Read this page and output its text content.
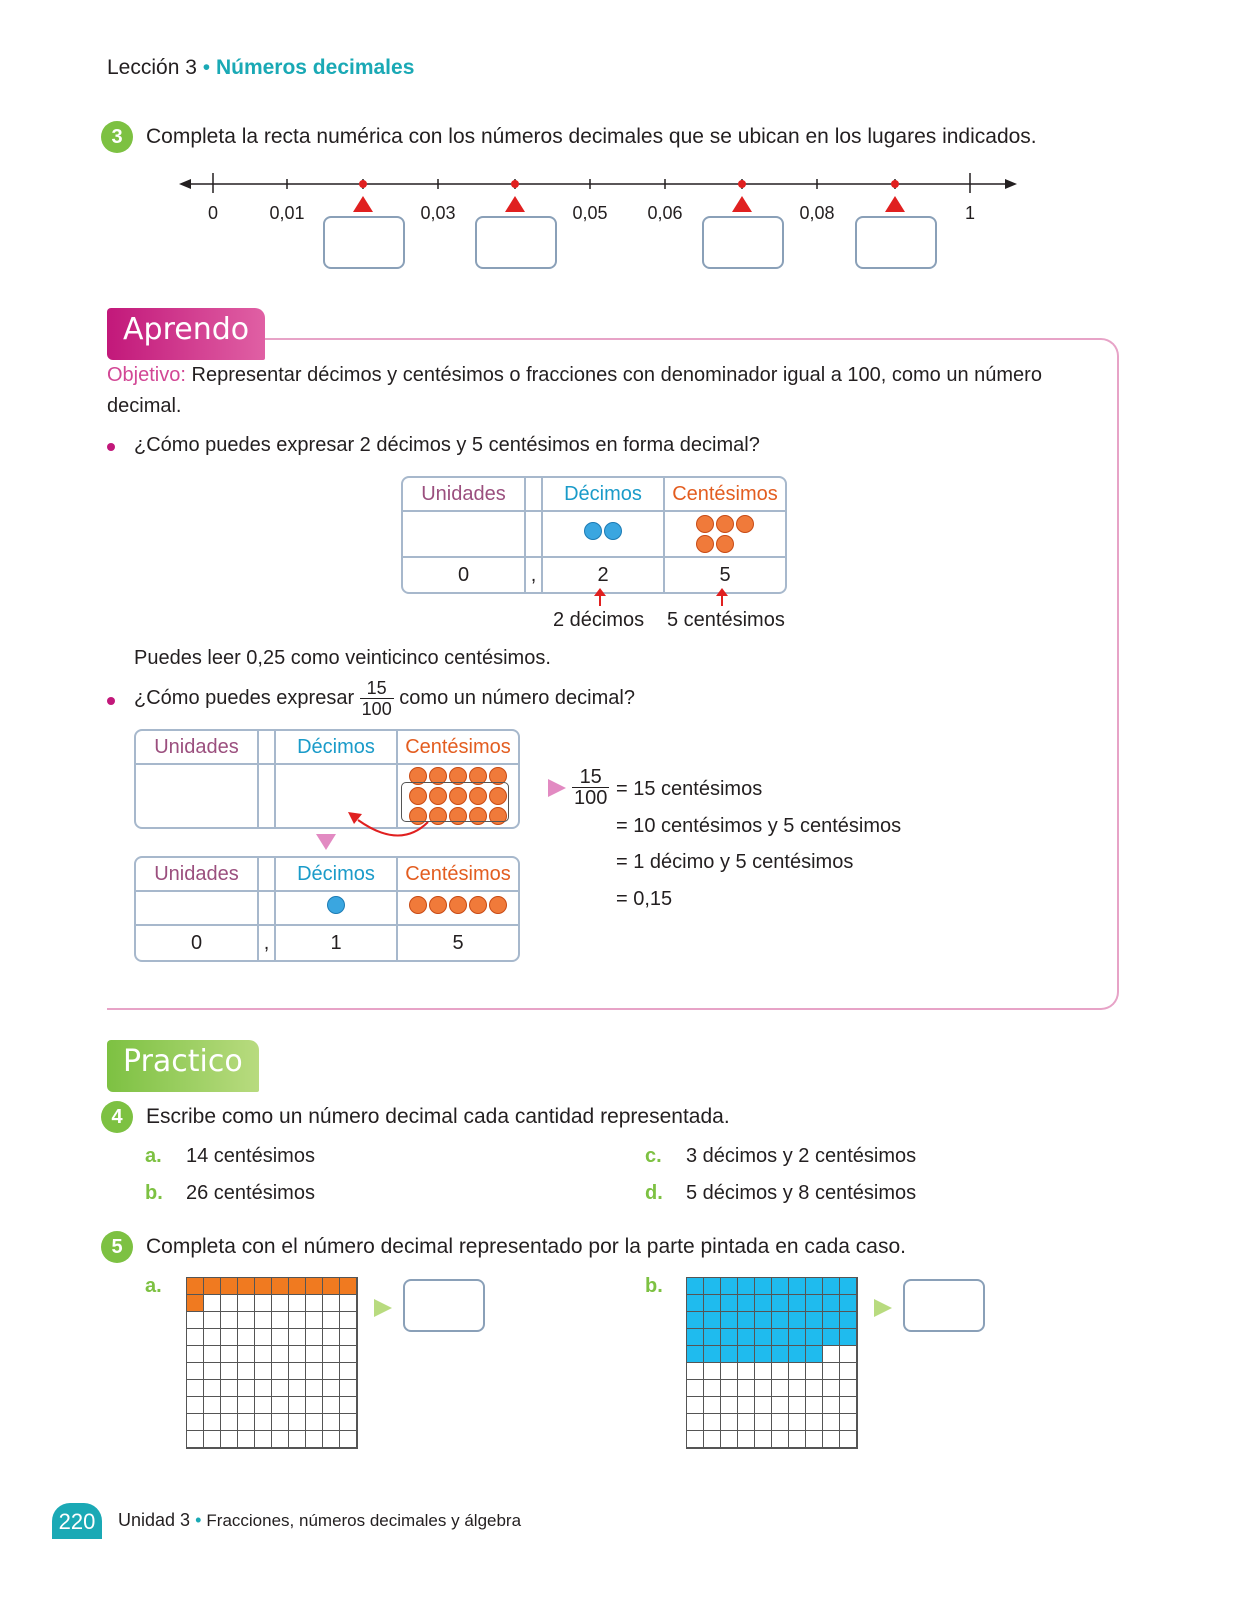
Lección 3 • Números decimales
3	Completa la recta numérica con los números decimales que se ubican en los lugares indicados.
0	0,01	0,03	0,05	0,06	0,08	1
Aprendo
Objetivo: Representar décimos y centésimos o fracciones con denominador igual a 100, como un número decimal.
¿Cómo puedes expresar 2 décimos y 5 centésimos en forma decimal?
Unidades		Décimos	Centésimos

0	,	2	5
2 décimos 5 centésimos
Puedes leer 0,25 como veinticinco centésimos.
¿Cómo puedes expresar $\frac{15}{100}$ como un número decimal?
Unidades		Décimos	Centésimos

Unidades		Décimos	Centésimos

0	,	1	5
$\frac{15}{100} = 15$ centésimos
= 10 centésimos y 5 centésimos
= 1 décimo y 5 centésimos
= 0,15
Practico
4	Escribe como un número decimal cada cantidad representada.
a. 14 centésimos
b. 26 centésimos
c. 3 décimos y 2 centésimos
d. 5 décimos y 8 centésimos
5	Completa con el número decimal representado por la parte pintada en cada caso.
a.	b.
220	Unidad 3 • Fracciones, números decimales y álgebra
